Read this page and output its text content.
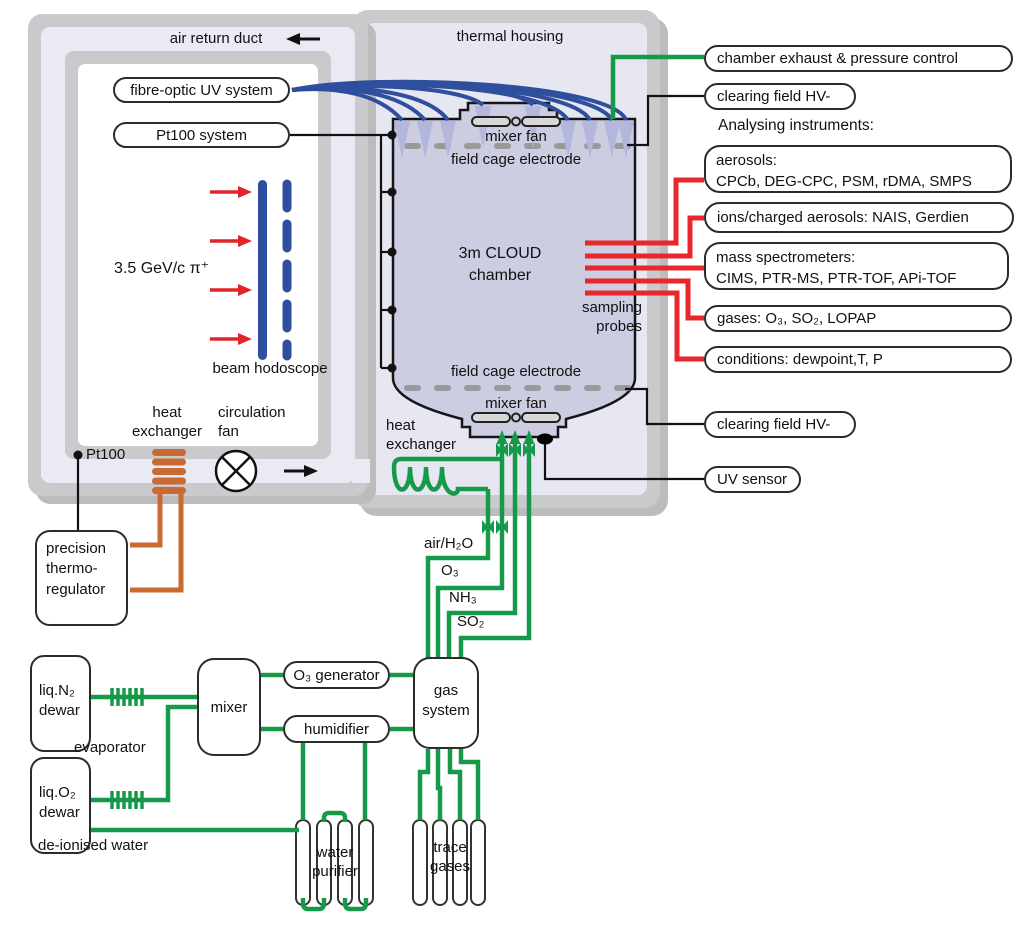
air return duct	thermal housing
fibre-optic UV system
Pt100 system
chamber exhaust & pressure control
clearing field HV-
Analysing instruments:
aerosols:
CPCb, DEG-CPC, PSM, rDMA, SMPS
ions/charged aerosols: NAIS, Gerdien
mass spectrometers:
CIMS, PTR-MS, PTR-TOF, APi-TOF
gases: O₃, SO₂, LOPAP
conditions: dewpoint,T, P
clearing field HV-
UV sensor
field cage electrode
mixer fan
3m CLOUD
chamber
sampling
probes
field cage electrode
mixer fan
3.5 GeV/c π⁺
beam hodoscope
heat
exchanger
circulation
fan
Pt100
precision
thermo-
regulator
heat
exchanger
air/H₂O
O₃
NH₃
SO₂
liq.N₂
dewar
liq.O₂
dewar
evaporator
mixer
O₃ generator
humidifier
gas
system
water
purifier
trace
gases
de-ionised water
